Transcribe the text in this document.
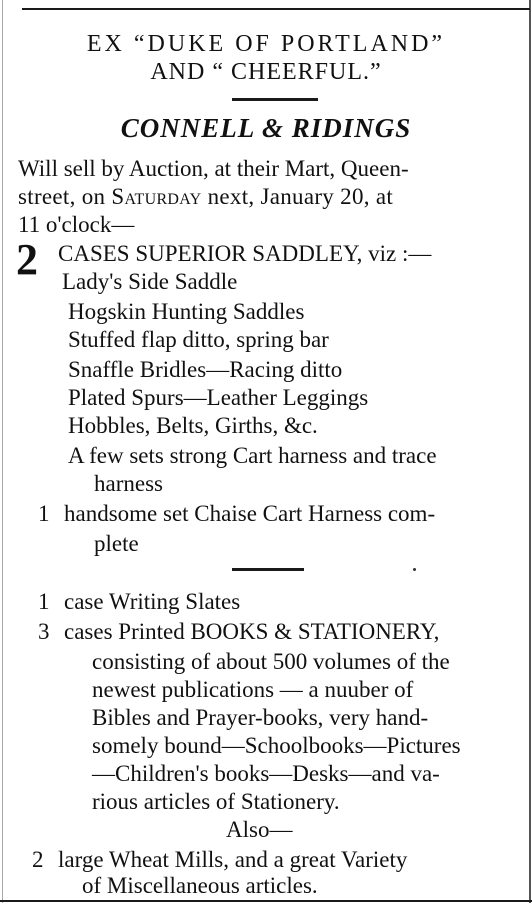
EX “DUKE OF PORTLAND”
AND “ CHEERFUL.”
CONNELL & RIDINGS
Will sell by Auction, at their Mart, Queen-
street, on Saturday next, January 20, at
11 o'clock—
2 CASES SUPERIOR SADDLEY, viz :—
Lady's Side Saddle
Hogskin Hunting Saddles
Stuffed flap ditto, spring bar
Snaffle Bridles—Racing ditto
Plated Spurs—Leather Leggings
Hobbles, Belts, Girths, &c.
A few sets strong Cart harness and trace
harness
1 handsome set Chaise Cart Harness com-
plete
1 case Writing Slates
3 cases Printed BOOKS & STATIONERY,
consisting of about 500 volumes of the
newest publications — a nuuber of
Bibles and Prayer-books, very hand-
somely bound—Schoolbooks—Pictures
—Children's books—Desks—and va-
rious articles of Stationery.
Also—
2 large Wheat Mills, and a great Variety
of Miscellaneous articles.
